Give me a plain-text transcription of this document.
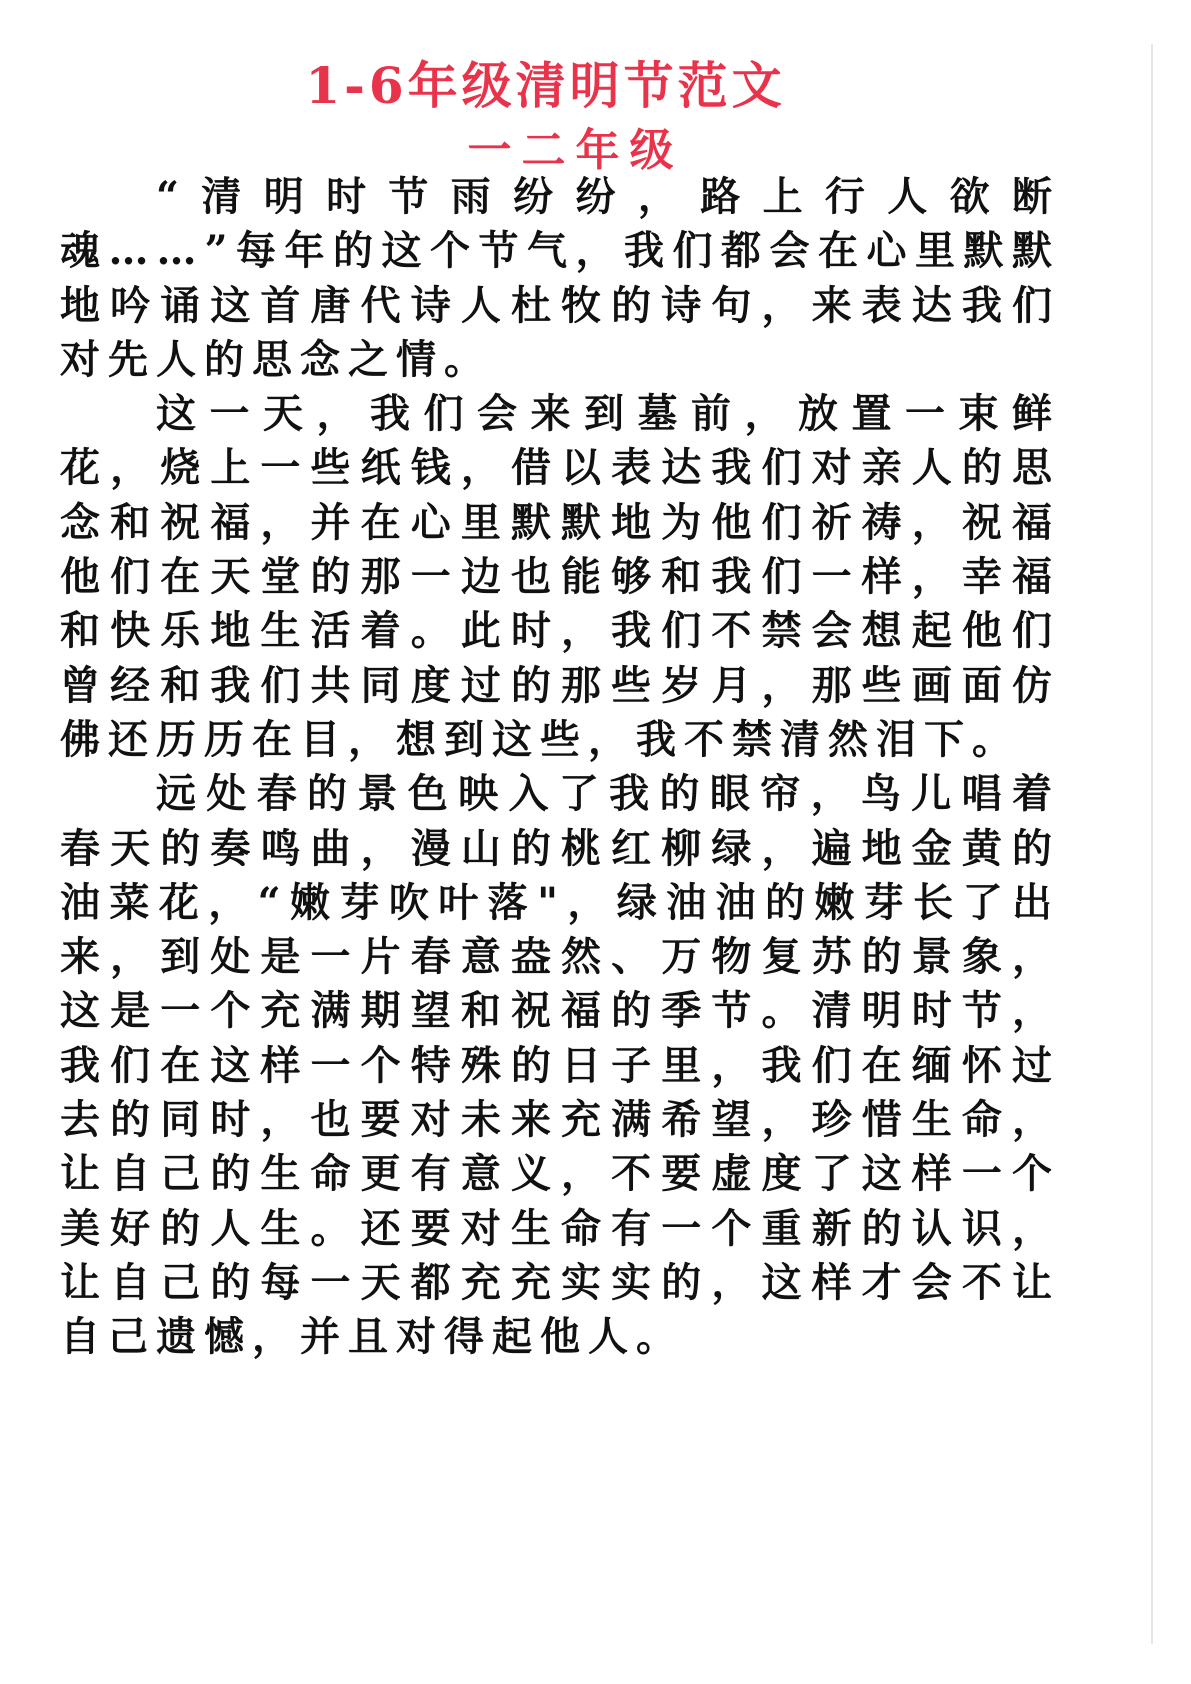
1-6年级清明节范文
一二年级

“清明时节雨纷纷，路上行人欲断魂……”每年的这个节气，我们都会在心里默默地吟诵这首唐代诗人杜牧的诗句，来表达我们对先人的思念之情。

这一天，我们会来到墓前，放置一束鲜花，烧上一些纸钱，借以表达我们对亲人的思念和祝福，并在心里默默地为他们祈祷，祝福他们在天堂的那一边也能够和我们一样，幸福和快乐地生活着。此时，我们不禁会想起他们曾经和我们共同度过的那些岁月，那些画面仿佛还历历在目，想到这些，我不禁清然泪下。

远处春的景色映入了我的眼帘，鸟儿唱着春天的奏鸣曲，漫山的桃红柳绿，遍地金黄的油菜花，“嫩芽吹叶落"，绿油油的嫩芽长了出来，到处是一片春意盎然、万物复苏的景象，这是一个充满期望和祝福的季节。清明时节，我们在这样一个特殊的日子里，我们在缅怀过去的同时，也要对未来充满希望，珍惜生命，让自己的生命更有意义，不要虚度了这样一个美好的人生。还要对生命有一个重新的认识，让自己的每一天都充充实实的，这样才会不让自己遗憾，并且对得起他人。
